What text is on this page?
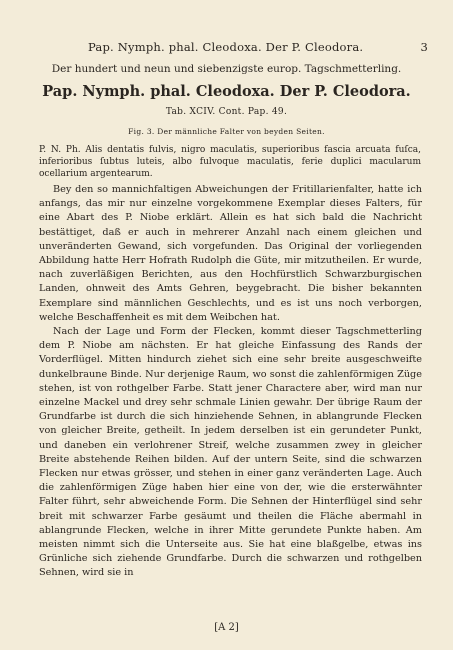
Pap. Nymph. phal. Cleodoxa. Der P. Cleodora.	3
Der hundert und neun und siebenzigste europ. Tagschmetterling.
Pap. Nymph. phal. Cleodoxa. Der P. Cleodora.
Tab. XCIV. Cont. Pap. 49.
Fig. 3. Der männliche Falter von beyden Seiten.
P. N. Ph. Alis dentatis fulvis, nigro maculatis, superioribus fascia arcuata fuſca, inferioribus ſubtus luteis, albo fulvoque maculatis, ferie duplici macularum ocellarium argentearum.

Bey den so mannichfaltigen Abweichungen der Fritillarienfalter, hatte ich anfangs, das mir nur einzelne vorgekommene Exemplar dieses Falters, für eine Abart des P. Niobe erklärt. Allein es hat sich bald die Nachricht bestättiget, daß er auch in mehrerer Anzahl nach einem gleichen und unveränderten Gewand, sich vorgefunden. Das Original der vorliegenden Abbildung hatte Herr Hofrath Rudolph die Güte, mir mitzutheilen. Er wurde, nach zuverläßigen Berichten, aus den Hochfürstlich Schwarzburgischen Landen, ohnweit des Amts Gehren, beygebracht. Die bisher bekannten Exemplare sind männlichen Geschlechts, und es ist uns noch verborgen, welche Beschaffenheit es mit dem Weibchen hat.

Nach der Lage und Form der Flecken, kommt dieser Tagschmetterling dem P. Niobe am nächsten. Er hat gleiche Einfassung des Rands der Vorderflügel. Mitten hindurch ziehet sich eine sehr breite ausgeschweifte dunkelbraune Binde. Nur derjenige Raum, wo sonst die zahlenförmigen Züge stehen, ist von rothgelber Farbe. Statt jener Charactere aber, wird man nur einzelne Mackel und drey sehr schmale Linien gewahr. Der übrige Raum der Grundfarbe ist durch die sich hinziehende Sehnen, in ablangrunde Flecken von gleicher Breite, getheilt. In jedem derselben ist ein gerundeter Punkt, und daneben ein verlohrener Streif, welche zusammen zwey in gleicher Breite abstehende Reihen bilden. Auf der untern Seite, sind die schwarzen Flecken nur etwas grösser, und stehen in einer ganz veränderten Lage. Auch die zahlenförmigen Züge haben hier eine von der, wie die ersterwähnter Falter führt, sehr abweichende Form. Die Sehnen der Hinterflügel sind sehr breit mit schwarzer Farbe gesäumt und theilen die Fläche abermahl in ablangrunde Flecken, welche in ihrer Mitte gerundete Punkte haben. Am meisten nimmt sich die Unterseite aus. Sie hat eine blaßgelbe, etwas ins Grünliche sich ziehende Grundfarbe. Durch die schwarzen und rothgelben Sehnen, wird sie in

[A 2]
